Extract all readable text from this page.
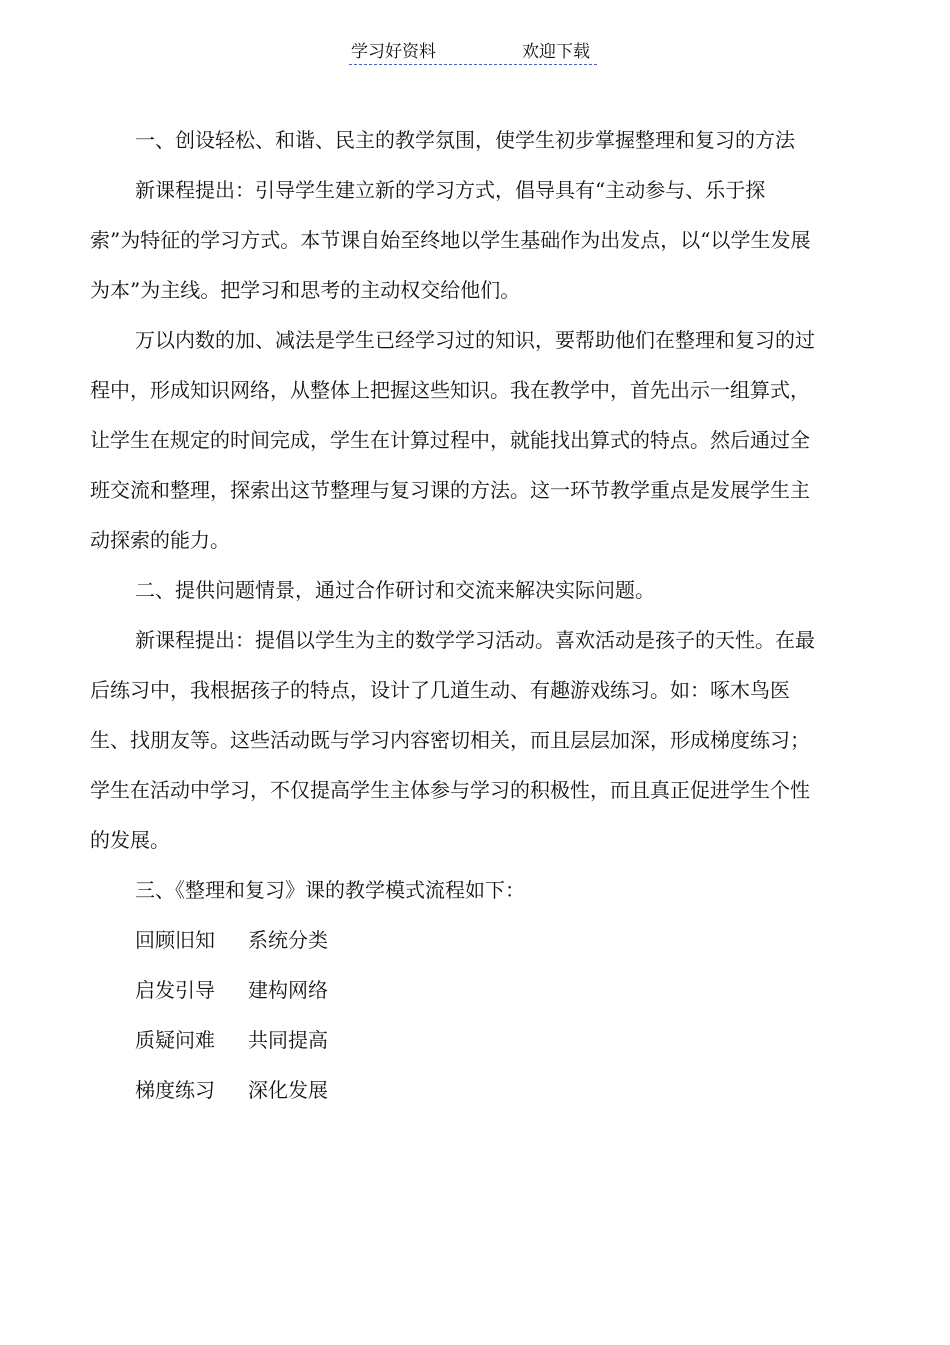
学习好资料	欢迎下载

一、创设轻松、和谐、民主的教学氛围，使学生初步掌握整理和复习的方法

新课程提出：引导学生建立新的学习方式，倡导具有“主动参与、乐于探索”为特征的学习方式。本节课自始至终地以学生基础作为出发点，以“以学生发展为本”为主线。把学习和思考的主动权交给他们。

万以内数的加、减法是学生已经学习过的知识，要帮助他们在整理和复习的过程中，形成知识网络，从整体上把握这些知识。我在教学中，首先出示一组算式，让学生在规定的时间完成，学生在计算过程中，就能找出算式的特点。然后通过全班交流和整理，探索出这节整理与复习课的方法。这一环节教学重点是发展学生主动探索的能力。

二、提供问题情景，通过合作研讨和交流来解决实际问题。

新课程提出：提倡以学生为主的数学学习活动。喜欢活动是孩子的天性。在最后练习中，我根据孩子的特点，设计了几道生动、有趣游戏练习。如：啄木鸟医生、找朋友等。这些活动既与学习内容密切相关，而且层层加深，形成梯度练习；学生在活动中学习，不仅提高学生主体参与学习的积极性，而且真正促进学生个性的发展。

三、《整理和复习》课的教学模式流程如下：

回顾旧知 系统分类
启发引导 建构网络
质疑问难 共同提高
梯度练习 深化发展
